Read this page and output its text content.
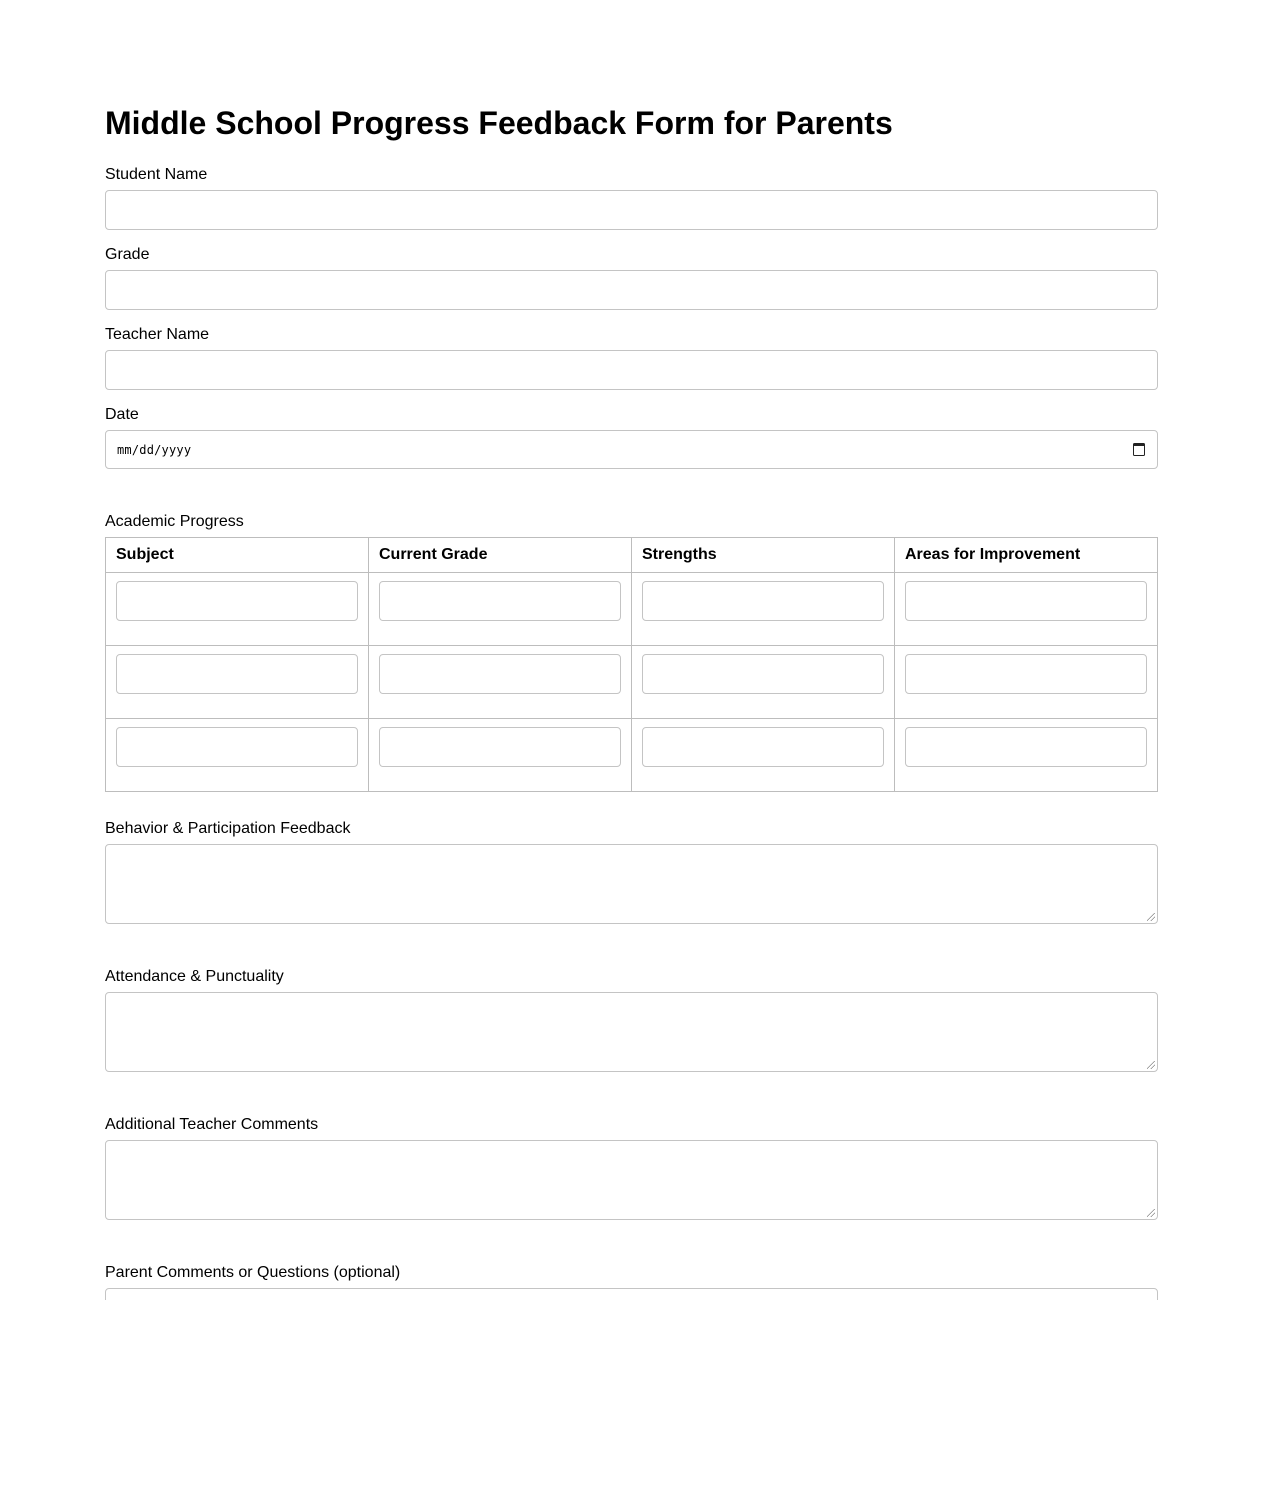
Middle School Progress Feedback Form for Parents
Student Name
Grade
Teacher Name
Date
mm/dd/yyyy
Academic Progress
Subject	Current Grade	Strengths	Areas for Improvement

Behavior & Participation Feedback
Attendance & Punctuality
Additional Teacher Comments
Parent Comments or Questions (optional)
